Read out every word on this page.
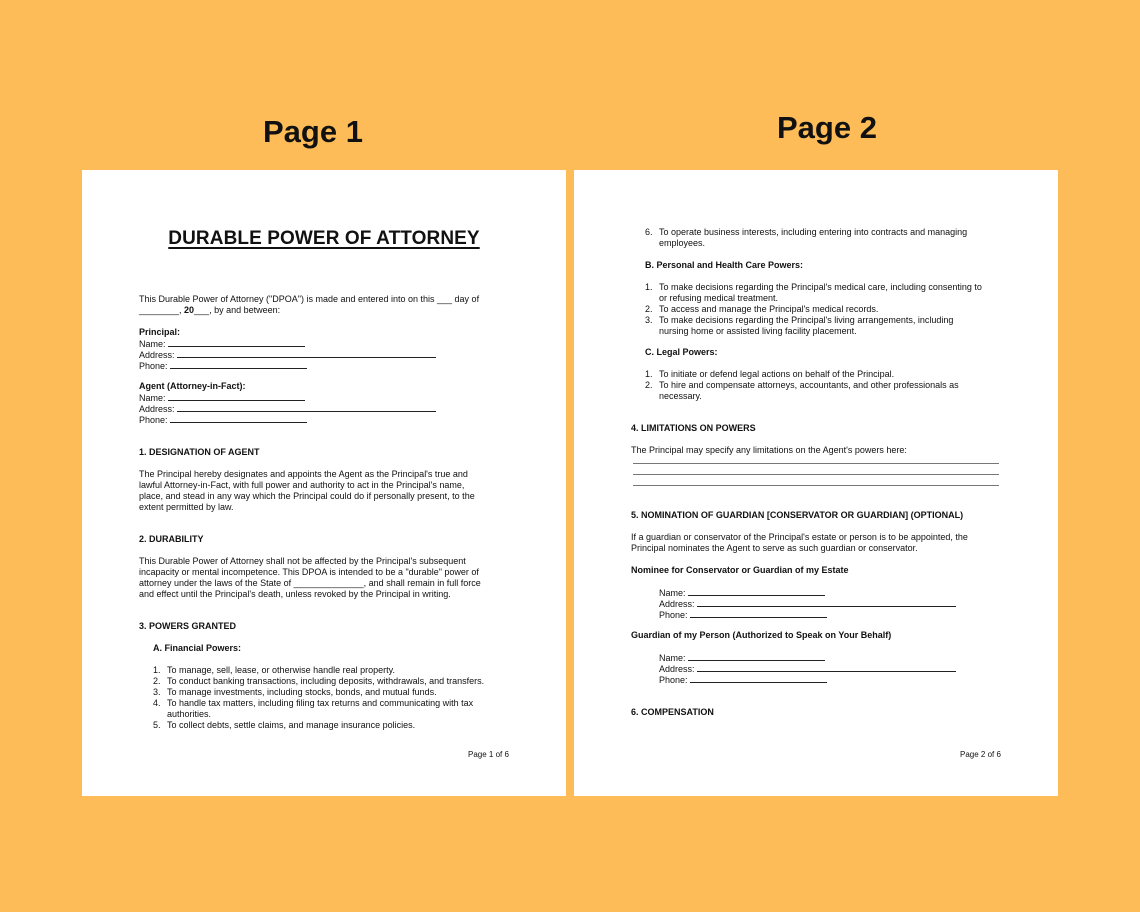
Page 1	Page 2
DURABLE POWER OF ATTORNEY
This Durable Power of Attorney ("DPOA") is made and entered into on this ___ day of
________, 20___, by and between:
Principal:
Name:
Address:
Phone:
Agent (Attorney-in-Fact):
Name:
Address:
Phone:
1. DESIGNATION OF AGENT
The Principal hereby designates and appoints the Agent as the Principal's true and
lawful Attorney-in-Fact, with full power and authority to act in the Principal's name,
place, and stead in any way which the Principal could do if personally present, to the
extent permitted by law.
2. DURABILITY
This Durable Power of Attorney shall not be affected by the Principal's subsequent
incapacity or mental incompetence. This DPOA is intended to be a "durable" power of
attorney under the laws of the State of ______________, and shall remain in full force
and effect until the Principal's death, unless revoked by the Principal in writing.
3. POWERS GRANTED
A. Financial Powers:
1. To manage, sell, lease, or otherwise handle real property.
2. To conduct banking transactions, including deposits, withdrawals, and transfers.
3. To manage investments, including stocks, bonds, and mutual funds.
4. To handle tax matters, including filing tax returns and communicating with tax
authorities.
5. To collect debts, settle claims, and manage insurance policies.
Page 1 of 6
6. To operate business interests, including entering into contracts and managing
employees.
B. Personal and Health Care Powers:
1. To make decisions regarding the Principal's medical care, including consenting to
or refusing medical treatment.
2. To access and manage the Principal's medical records.
3. To make decisions regarding the Principal's living arrangements, including
nursing home or assisted living facility placement.
C. Legal Powers:
1. To initiate or defend legal actions on behalf of the Principal.
2. To hire and compensate attorneys, accountants, and other professionals as
necessary.
4. LIMITATIONS ON POWERS
The Principal may specify any limitations on the Agent's powers here:
5. NOMINATION OF GUARDIAN [CONSERVATOR OR GUARDIAN] (OPTIONAL)
If a guardian or conservator of the Principal's estate or person is to be appointed, the
Principal nominates the Agent to serve as such guardian or conservator.
Nominee for Conservator or Guardian of my Estate
Name:
Address:
Phone:
Guardian of my Person (Authorized to Speak on Your Behalf)
Name:
Address:
Phone:
6. COMPENSATION
Page 2 of 6
